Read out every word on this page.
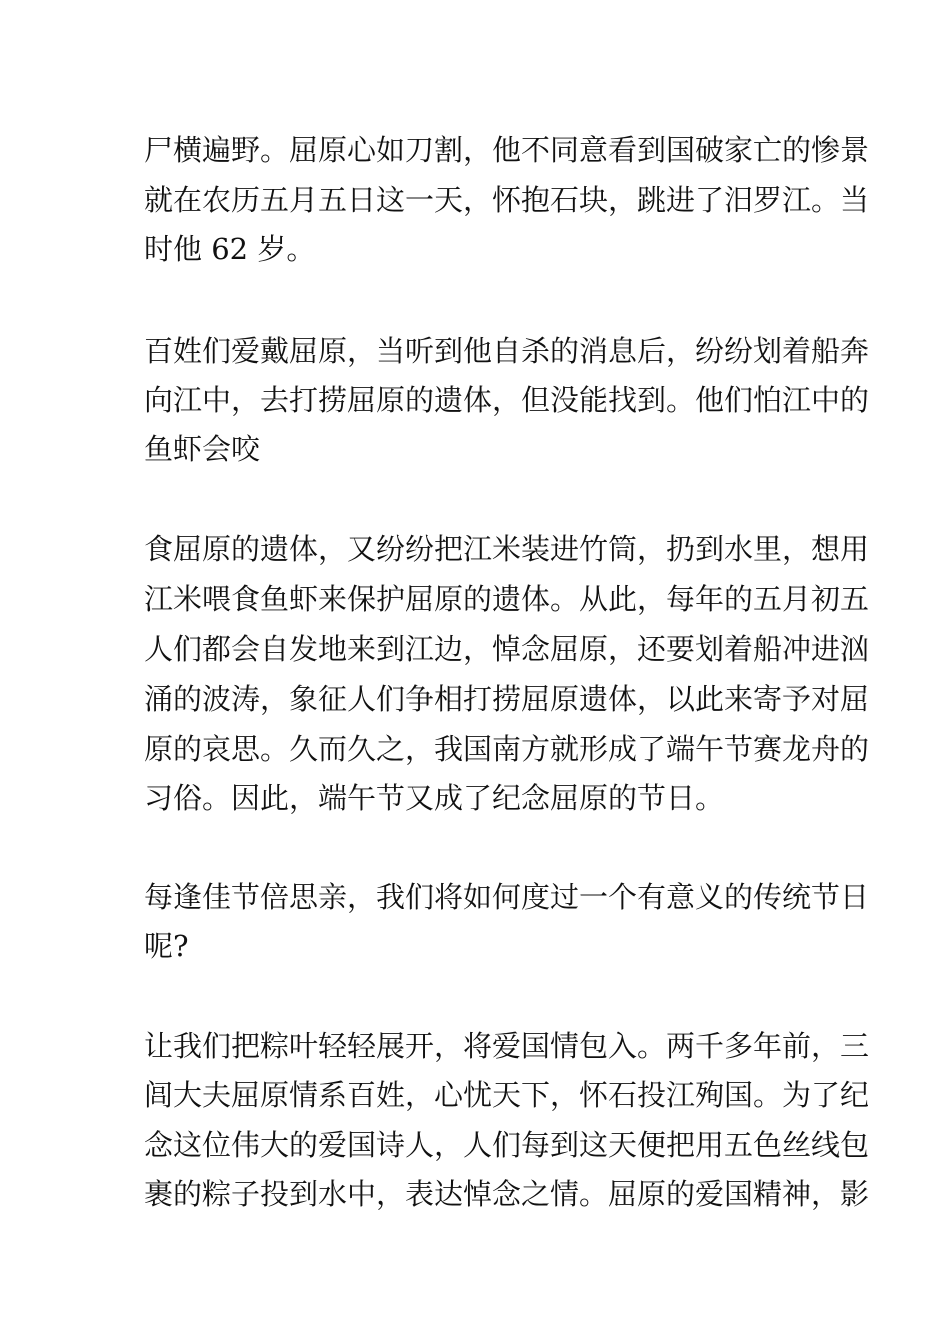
尸横遍野。屈原心如刀割，他不同意看到国破家亡的惨景
就在农历五月五日这一天，怀抱石块，跳进了汨罗江。当
时他 62 岁。
百姓们爱戴屈原，当听到他自杀的消息后，纷纷划着船奔
向江中，去打捞屈原的遗体，但没能找到。他们怕江中的
鱼虾会咬
食屈原的遗体，又纷纷把江米装进竹筒，扔到水里，想用
江米喂食鱼虾来保护屈原的遗体。从此，每年的五月初五
人们都会自发地来到江边，悼念屈原，还要划着船冲进汹
涌的波涛，象征人们争相打捞屈原遗体，以此来寄予对屈
原的哀思。久而久之，我国南方就形成了端午节赛龙舟的
习俗。因此，端午节又成了纪念屈原的节日。
每逢佳节倍思亲，我们将如何度过一个有意义的传统节日
呢?
让我们把粽叶轻轻展开，将爱国情包入。两千多年前，三
闾大夫屈原情系百姓，心忧天下，怀石投江殉国。为了纪
念这位伟大的爱国诗人，人们每到这天便把用五色丝线包
裹的粽子投到水中，表达悼念之情。屈原的爱国精神，影
